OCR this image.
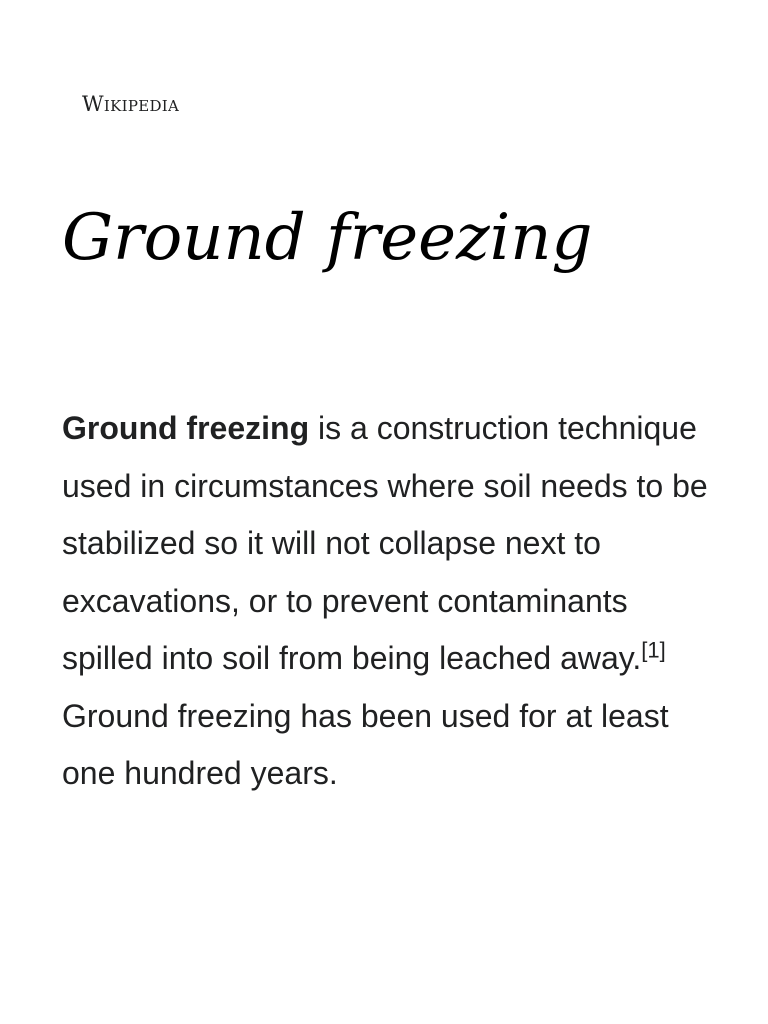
Wikipedia
Ground freezing

Ground freezing is a construction technique used in circumstances where soil needs to be stabilized so it will not collapse next to excavations, or to prevent contaminants spilled into soil from being leached away.[1] Ground freezing has been used for at least one hundred years.
